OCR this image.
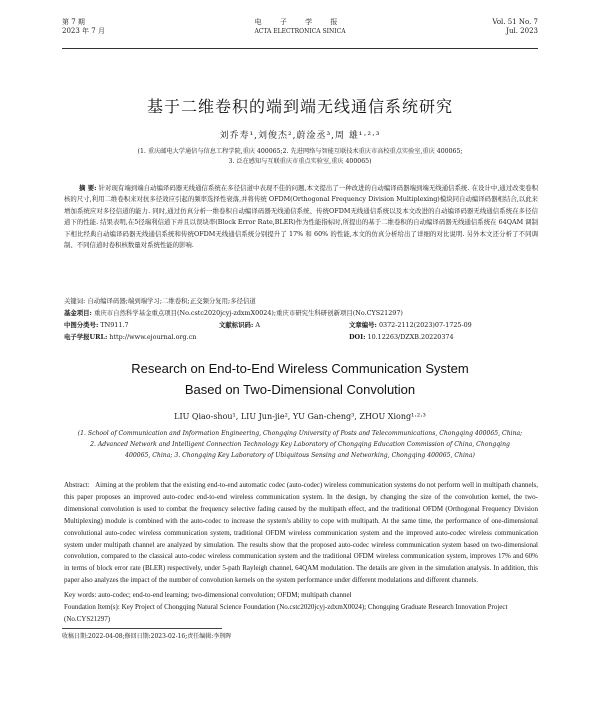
第 7 期
2023 年 7 月
电 子 学 报
ACTA ELECTRONICA SINICA
Vol. 51 No. 7
Jul. 2023
基于二维卷积的端到端无线通信系统研究
刘乔寿¹,刘俊杰²,蔚淦丞³,周 雄¹·²·³
(1. 重庆邮电大学通信与信息工程学院,重庆 400065;2. 先进网络与智能互联技术重庆市高校重点实验室,重庆 400065;
3. 泛在感知与互联重庆市重点实验室,重庆 400065)
摘 要: 针对现有端到端自动编译码器无线通信系统在多径信道中表现不佳的问题,本文提出了一种改进的自动编译码器端到端无线通信系统. 在设计中,通过改变卷积核的尺寸,利用二维卷积来对抗多径效应引起的频率选择性衰落,并将传统 OFDM(Orthogonal Frequency Division Multiplexing)模块同自动编译码器相结合,以此来增加系统应对多径信道的能力. 同时,通过仿真分析一维卷积自动编译码器无线通信系统、传统OFDM无线通信系统以及本文改进的自动编译码器无线通信系统在多径信道下的性能. 结果表明,在5径瑞利信道下并且以误块率(Block Error Rate,BLER)作为性能指标时,所提出的基于二维卷积的自动编译码器无线通信系统在 64QAM 调制下相比经典自动编译码器无线通信系统和传统OFDM无线通信系统分别提升了 17% 和 60% 的性能,本文的仿真分析给出了详细的对比说明. 另外本文还分析了不同调制、不同信道时卷积核数量对系统性能的影响.
关键词: 自动编译码器;端到端学习;二维卷积;正交频分复用;多径信道
基金项目: 重庆市自然科学基金重点项目(No.cstc2020jcyj-zdxmX0024);重庆市研究生科研创新项目(No.CYS21297)
中图分类号: TN911.7	文献标识码: A	文章编号: 0372-2112(2023)07-1725-09
电子学报URL: http://www.ejournal.org.cn	DOI: 10.12263/DZXB.20220374
Research on End-to-End Wireless Communication System
Based on Two-Dimensional Convolution
LIU Qiao-shou¹, LIU Jun-jie², YU Gan-cheng³, ZHOU Xiong¹·²·³
(1. School of Communication and Information Engineering, Chongqing University of Posts and Telecommunications, Chongqing 400065, China;
2. Advanced Network and Intelligent Connection Technology Key Laboratory of Chongqing Education Commission of China, Chongqing
400065, China; 3. Chongqing Key Laboratory of Ubiquitous Sensing and Networking, Chongqing 400065, China)
Abstract: Aiming at the problem that the existing end-to-end automatic codec (auto-codec) wireless communication systems do not perform well in multipath channels, this paper proposes an improved auto-codec end-to-end wireless communication system. In the design, by changing the size of the convolution kernel, the two-dimensional convolution is used to combat the frequency selective fading caused by the multipath effect, and the traditional OFDM (Orthogonal Frequency Division Multiplexing) module is combined with the auto-codec to increase the system's ability to cope with multipath. At the same time, the performance of one-dimensional convolutional auto-codec wireless communication system, traditional OFDM wireless communication system and the improved auto-codec wireless communication system under multipath channel are analyzed by simulation. The results show that the proposed auto-codec wireless communication system based on two-dimensional convolution, compared to the classical auto-codec wireless communication system and the traditional OFDM wireless communication system, improves 17% and 60% in terms of block error rate (BLER) respectively, under 5-path Rayleigh channel, 64QAM modulation. The details are given in the simulation analysis. In addition, this paper also analyzes the impact of the number of convolution kernels on the system performance under different modulations and different channels.
Key words: auto-codec; end-to-end learning; two-dimensional convolution; OFDM; multipath channel
Foundation Item(s): Key Project of Chongqing Natural Science Foundation (No.cstc2020jcyj-zdxmX0024); Chongqing Graduate Research Innovation Project (No.CYS21297)
收稿日期:2022-04-08;修回日期:2023-02-16;责任编辑:李荆晖
